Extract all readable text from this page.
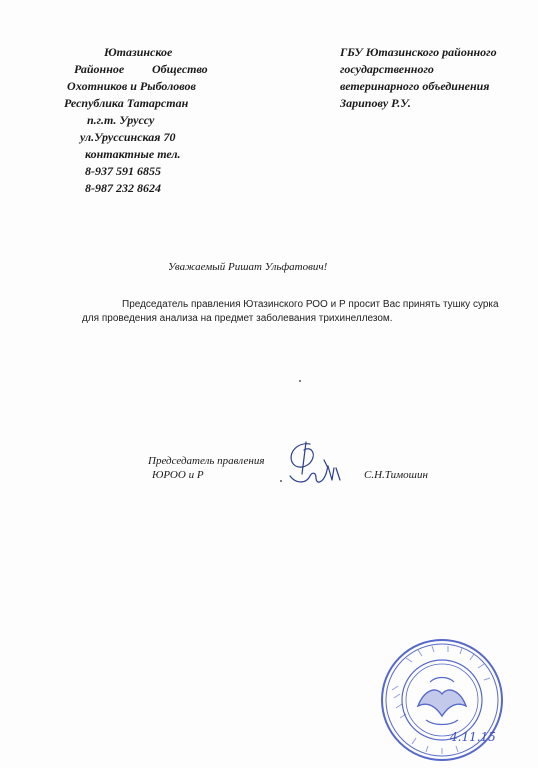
Ютазинское
Районное Общество
Охотников и Рыболовов
Республика Татарстан
п.г.т. Уруссу
ул.Уруссинская 70
контактные тел.
8-937 591 6855
8-987 232 8624
ГБУ Ютазинского районного
государственного
ветеринарного объединения
Зарипову Р.У.
Уважаемый Ришат Ульфатович!
Председатель правления Ютазинского РОО и Р просит Вас принять тушку сурка
для проведения анализа на предмет заболевания трихинеллезом.
Председатель правления
ЮРОО и Р	С.Н.Тимошин
4.11.15
